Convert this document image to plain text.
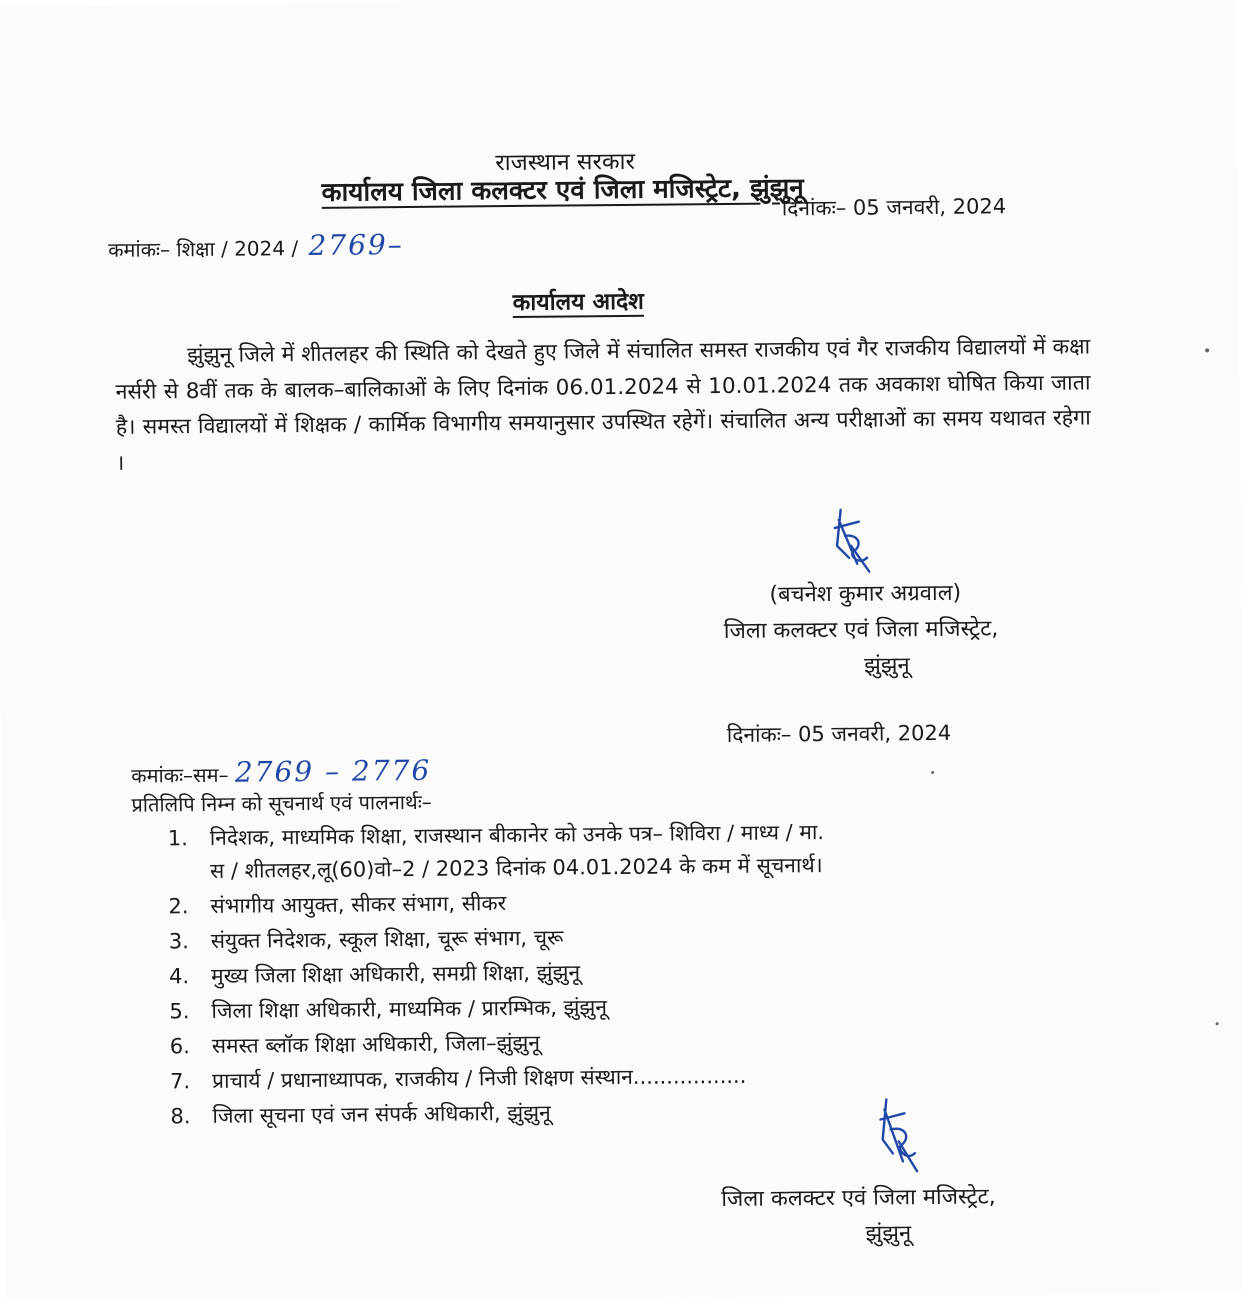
राजस्थान सरकार
कार्यालय जिला कलक्टर एवं जिला मजिस्ट्रेट, झुंझुनू
दिनांकः– 05 जनवरी, 2024
कमांकः– शिक्षा / 2024 / 2769–
कार्यालय आदेश
झुंझुनू जिले में शीतलहर की स्थिति को देखते हुए जिले में संचालित समस्त राजकीय एवं गैर राजकीय विद्यालयों में कक्षा नर्सरी से 8वीं तक के बालक–बालिकाओं के लिए दिनांक 06.01.2024 से 10.01.2024 तक अवकाश घोषित किया जाता है। समस्त विद्यालयों में शिक्षक / कार्मिक विभागीय समयानुसार उपस्थित रहेगें। संचालित अन्य परीक्षाओं का समय यथावत रहेगा ।
(बचनेश कुमार अग्रवाल)
जिला कलक्टर एवं जिला मजिस्ट्रेट,
झुंझुनू
दिनांकः– 05 जनवरी, 2024
कमांकः–सम– 2769 – 2776
प्रतिलिपि निम्न को सूचनार्थ एवं पालनार्थः–
1.	निदेशक, माध्यमिक शिक्षा, राजस्थान बीकानेर को उनके पत्र– शिविरा / माध्य / मा.
स / शीतलहर,लू(60)वो–2 / 2023 दिनांक 04.01.2024 के कम में सूचनार्थ।
2.	संभागीय आयुक्त, सीकर संभाग, सीकर
3.	संयुक्त निदेशक, स्कूल शिक्षा, चूरू संभाग, चूरू
4.	मुख्य जिला शिक्षा अधिकारी, समग्री शिक्षा, झुंझुनू
5.	जिला शिक्षा अधिकारी, माध्यमिक / प्रारम्भिक, झुंझुनू
6.	समस्त ब्लॉक शिक्षा अधिकारी, जिला–झुंझुनू
7.	प्राचार्य / प्रधानाध्यापक, राजकीय / निजी शिक्षण संस्थान.................
8.	जिला सूचना एवं जन संपर्क अधिकारी, झुंझुनू
जिला कलक्टर एवं जिला मजिस्ट्रेट,
झुंझुनू
